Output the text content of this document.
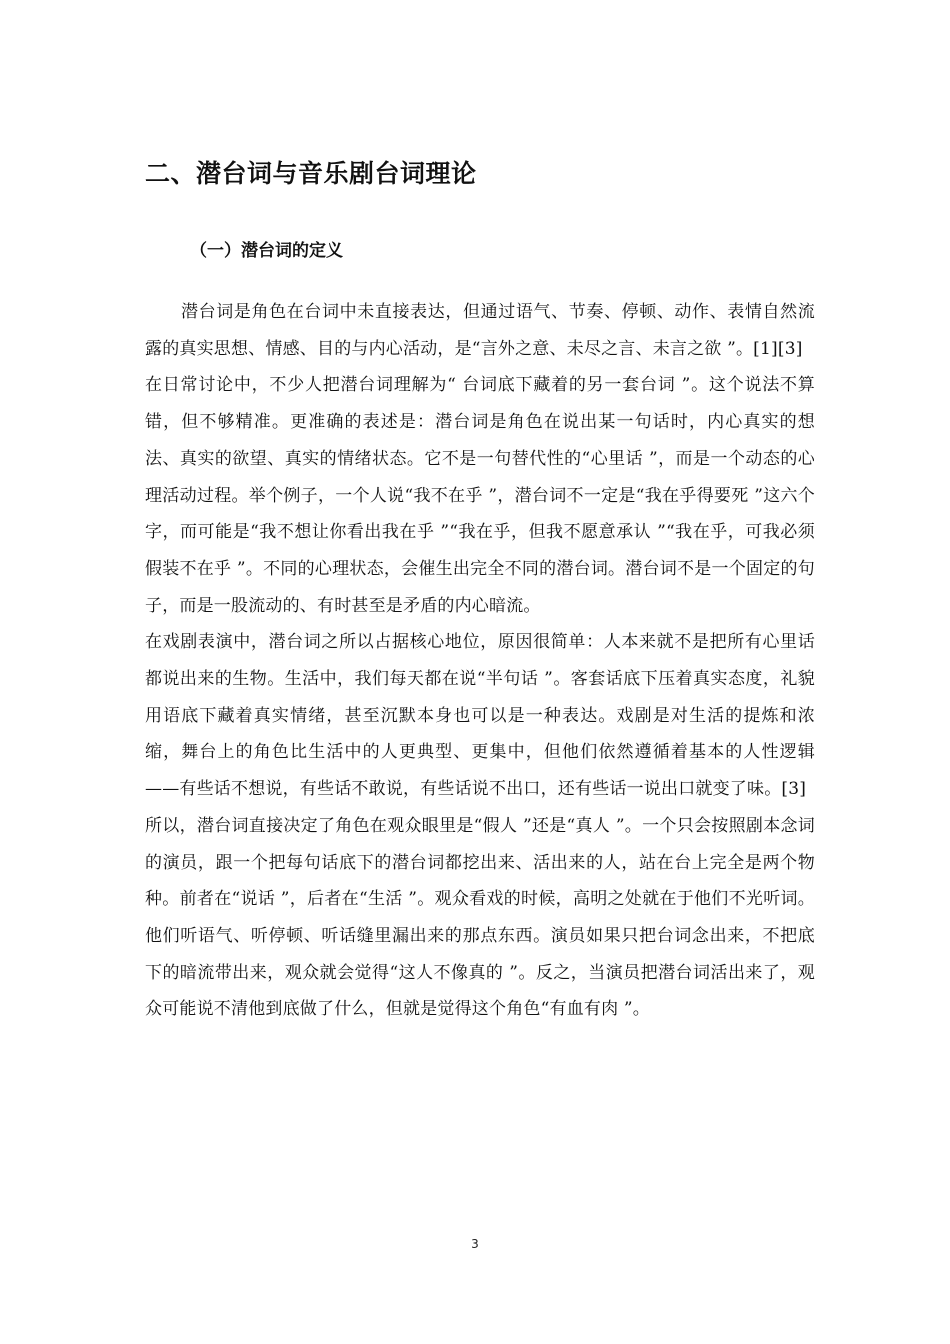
二、潜台词与音乐剧台词理论
（一）潜台词的定义

潜台词是角色在台词中未直接表达，但通过语气、节奏、停顿、动作、表情自然流露的真实思想、情感、目的与内心活动，是“言外之意、未尽之言、未言之欲 ”。[1][3]

在日常讨论中，不少人把潜台词理解为“ 台词底下藏着的另一套台词 ”。这个说法不算错，但不够精准。更准确的表述是：潜台词是角色在说出某一句话时，内心真实的想法、真实的欲望、真实的情绪状态。它不是一句替代性的“心里话 ”，而是一个动态的心理活动过程。举个例子，一个人说“我不在乎 ”，潜台词不一定是“我在乎得要死 ”这六个字，而可能是“我不想让你看出我在乎 ”“我在乎，但我不愿意承认 ”“我在乎，可我必须假装不在乎 ”。不同的心理状态，会催生出完全不同的潜台词。潜台词不是一个固定的句子，而是一股流动的、有时甚至是矛盾的内心暗流。

在戏剧表演中，潜台词之所以占据核心地位，原因很简单：人本来就不是把所有心里话都说出来的生物。生活中，我们每天都在说“半句话 ”。客套话底下压着真实态度，礼貌用语底下藏着真实情绪，甚至沉默本身也可以是一种表达。戏剧是对生活的提炼和浓缩，舞台上的角色比生活中的人更典型、更集中，但他们依然遵循着基本的人性逻辑——有些话不想说，有些话不敢说，有些话说不出口，还有些话一说出口就变了味。[3]

所以，潜台词直接决定了角色在观众眼里是“假人 ”还是“真人 ”。一个只会按照剧本念词的演员，跟一个把每句话底下的潜台词都挖出来、活出来的人，站在台上完全是两个物种。前者在“说话 ”，后者在“生活 ”。观众看戏的时候，高明之处就在于他们不光听词。他们听语气、听停顿、听话缝里漏出来的那点东西。演员如果只把台词念出来，不把底下的暗流带出来，观众就会觉得“这人不像真的 ”。反之，当演员把潜台词活出来了，观众可能说不清他到底做了什么，但就是觉得这个角色“有血有肉 ”。

3
